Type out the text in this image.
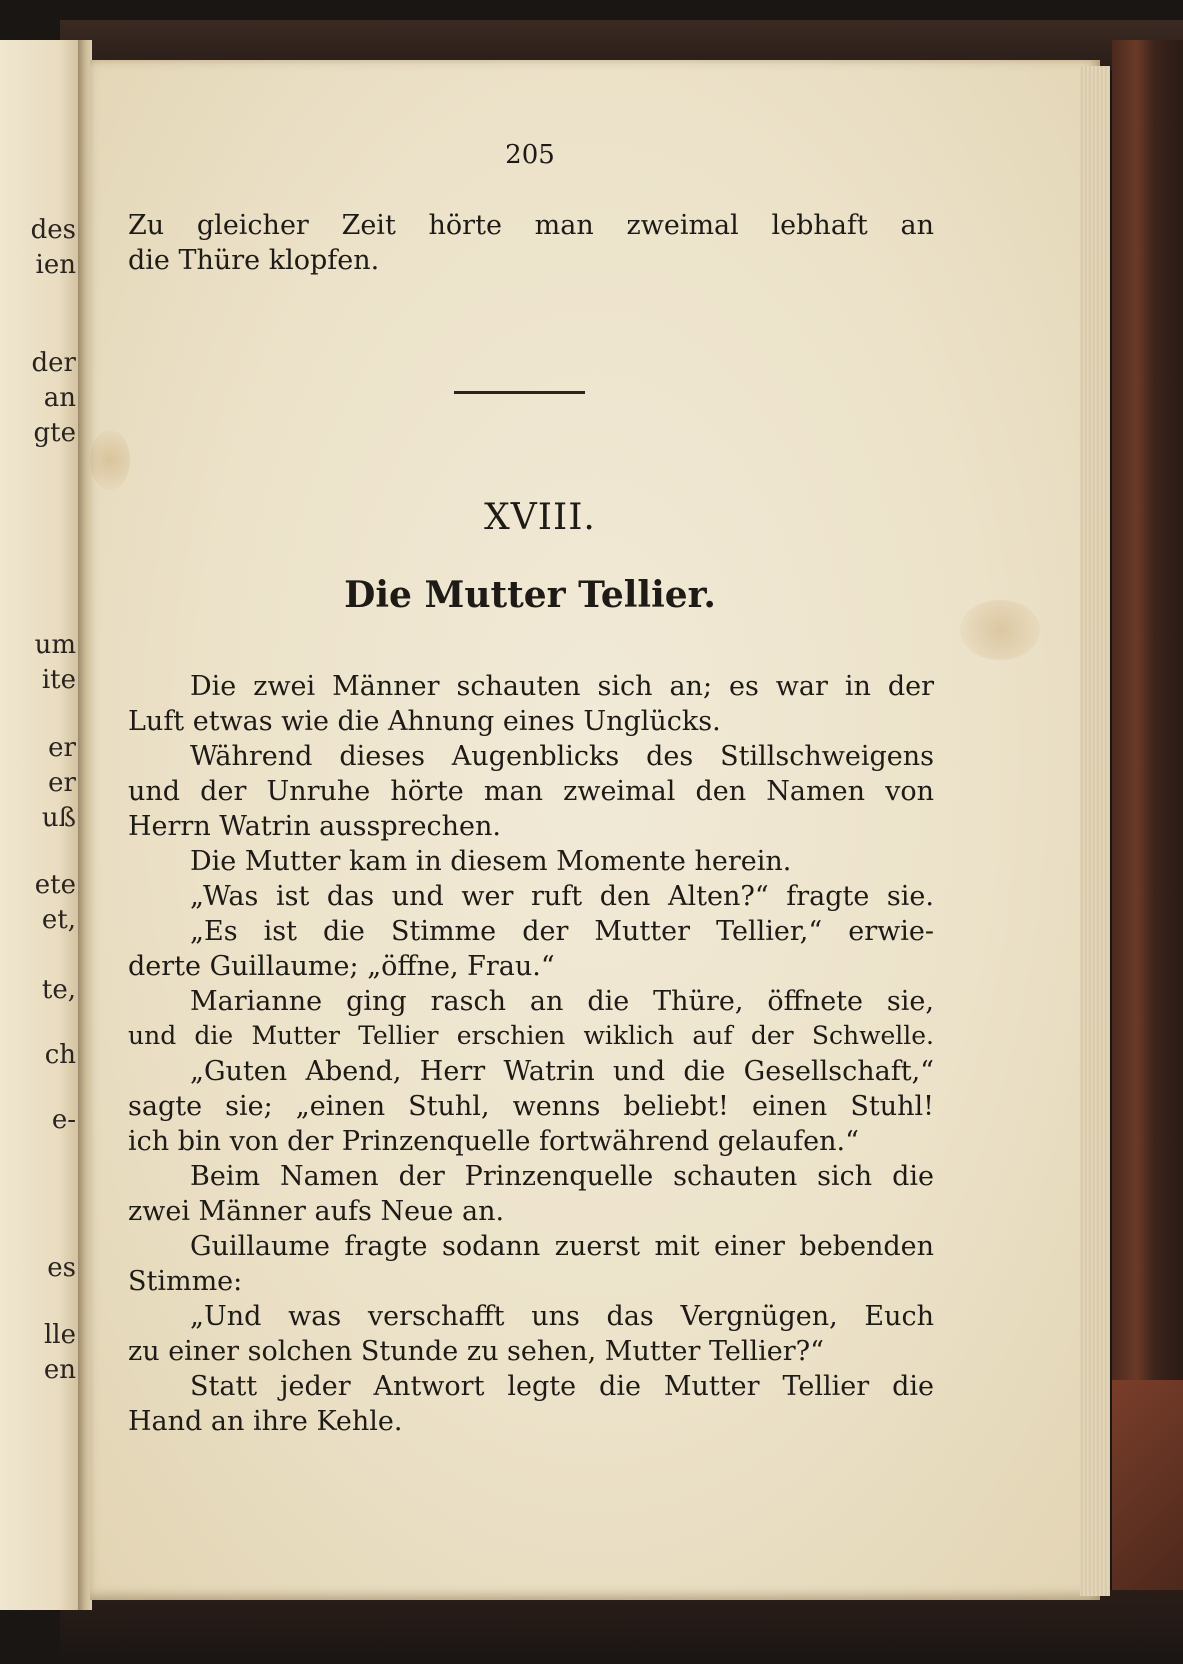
des
ien
der
an
gte
um
ite
er
er
uß
ete
et,
te,
ch
e-
es
lle
en
205
Zu gleicher Zeit hörte man zweimal lebhaft an
die Thüre klopfen.
XVIII.
Die Mutter Tellier.
Die zwei Männer schauten sich an; es war in der
Luft etwas wie die Ahnung eines Unglücks.
Während dieses Augenblicks des Stillschweigens
und der Unruhe hörte man zweimal den Namen von
Herrn Watrin aussprechen.
Die Mutter kam in diesem Momente herein.
„Was ist das und wer ruft den Alten?“ fragte sie.
„Es ist die Stimme der Mutter Tellier,“ erwie-
derte Guillaume; „öffne, Frau.“
Marianne ging rasch an die Thüre, öffnete sie,
und die Mutter Tellier erschien wiklich auf der Schwelle.
„Guten Abend, Herr Watrin und die Gesellschaft,“
sagte sie; „einen Stuhl, wenns beliebt! einen Stuhl!
ich bin von der Prinzenquelle fortwährend gelaufen.“
Beim Namen der Prinzenquelle schauten sich die
zwei Männer aufs Neue an.
Guillaume fragte sodann zuerst mit einer bebenden
Stimme:
„Und was verschafft uns das Vergnügen, Euch
zu einer solchen Stunde zu sehen, Mutter Tellier?“
Statt jeder Antwort legte die Mutter Tellier die
Hand an ihre Kehle.
